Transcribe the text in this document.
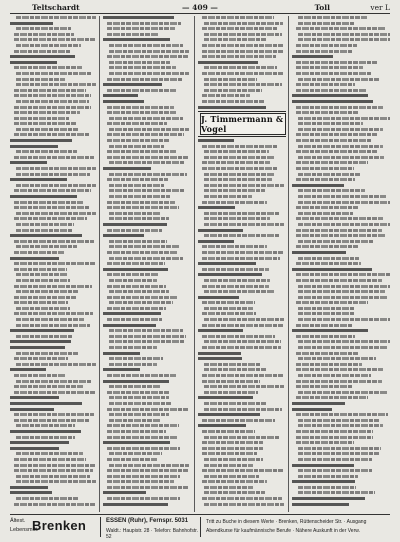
Teltschardt	— 409 —	Toll	ver L
J. Timmermann & Vogel
Ältest.
Lebensmitt.
Brenken	ESSEN (Ruhr), Fernspr. 5031
Waldt.: Haupistr. 28 · Telefon: Bahnhofstr. 52
Tritt zu Buche in diesem Werte · Brenken, Rüttenscheider Str. · Ausgang
Abendkurse für kaufmännische Berufe · Nähere Auskunft in der Verw.
